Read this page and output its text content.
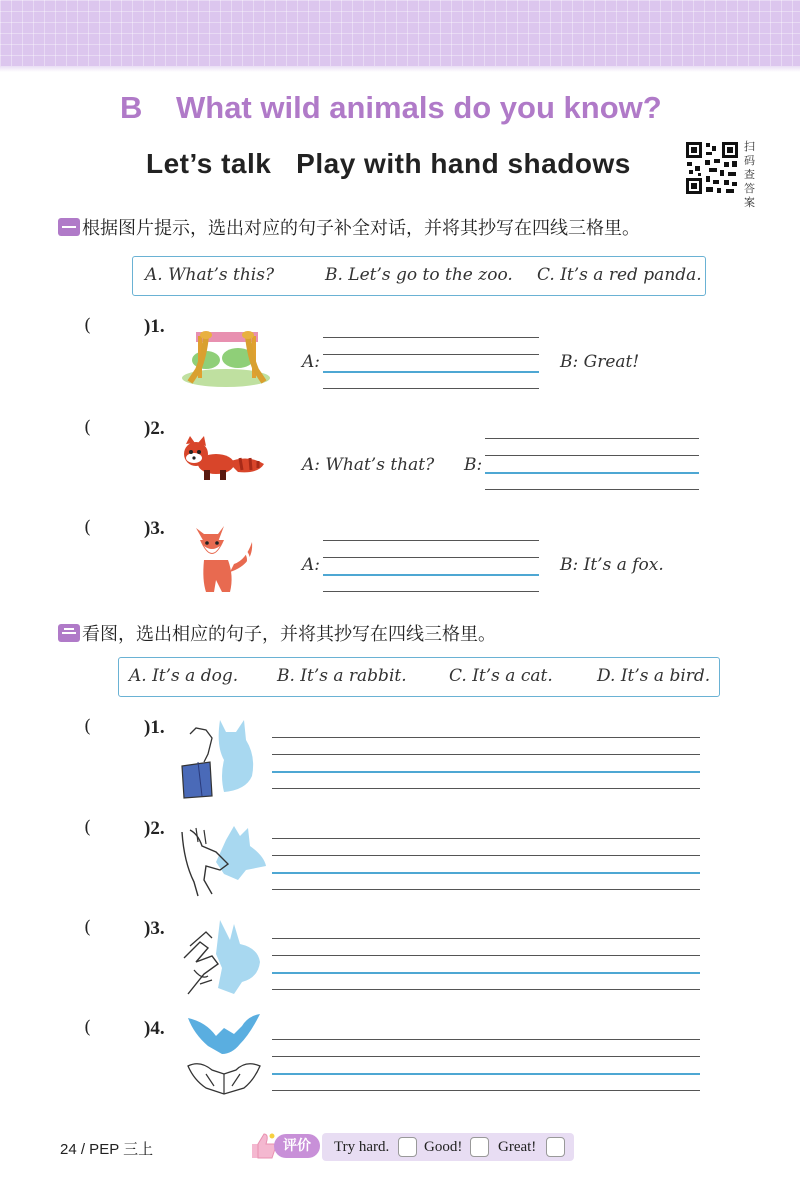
B What wild animals do you know?
Let’s talk   Play with hand shadows
扫
码
查
答
案
根据图片提示，选出对应的句子补全对话，并将其抄写在四线三格里。
A. What’s this?	B. Let’s go to the zoo. C. It’s a red panda.
(	)1.
A:	B: Great!
(	)2.
A: What’s that? B:
(	)3.
A:	B: It’s a fox.
看图，选出相应的句子，并将其抄写在四线三格里。
A. It’s a dog. B. It’s a rabbit. C. It’s a cat.	D. It’s a bird.
(	)1.
(	)2.
(	)3.
(	)4.
24 / PEP 三上	评价	Try hard. Good! Great!
